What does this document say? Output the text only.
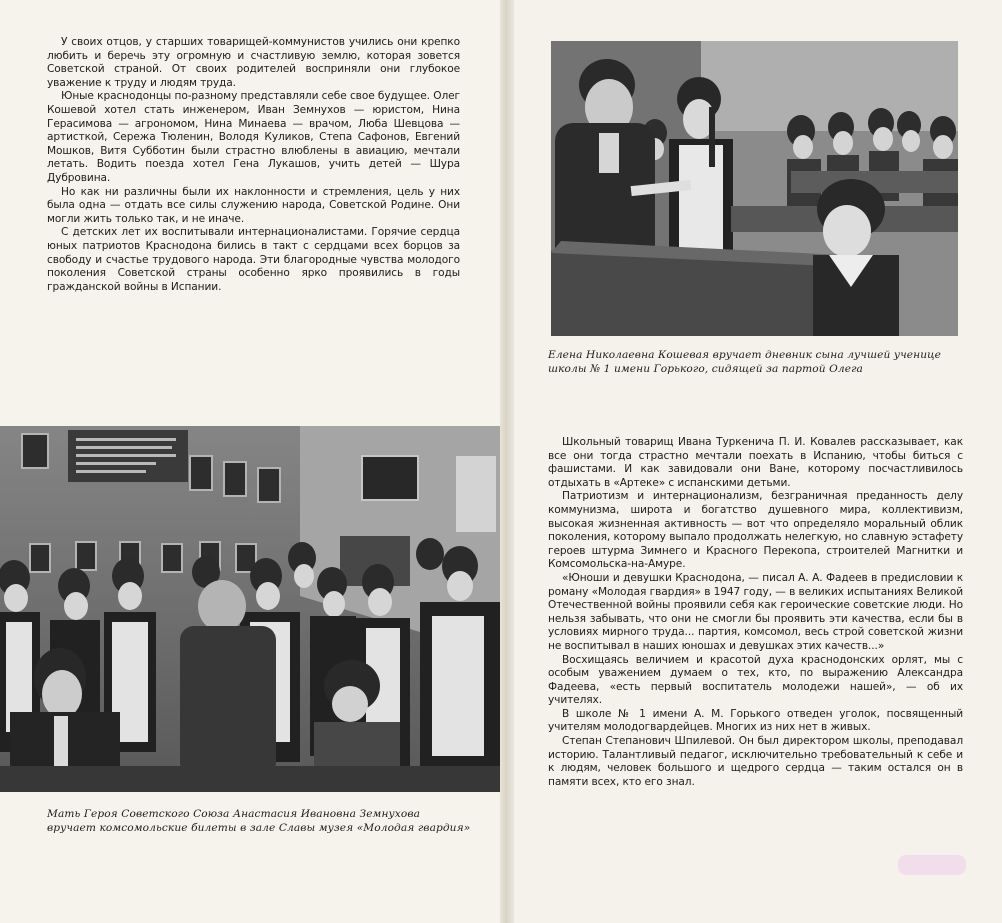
У своих отцов, у старших товарищей-коммунистов учились они крепко любить и беречь эту огромную и счастливую землю, которая зовется Советской страной. От своих родителей восприняли они глубокое уважение к труду и людям труда.

Юные краснодонцы по-разному представляли себе свое будущее. Олег Кошевой хотел стать инженером, Иван Земнухов — юристом, Нина Герасимова — агрономом, Нина Минаева — врачом, Люба Шевцова — артисткой, Сережа Тюленин, Володя Куликов, Степа Сафонов, Евгений Мошков, Витя Субботин были страстно влюблены в авиацию, мечтали летать. Водить поезда хотел Гена Лукашов, учить детей — Шура Дубровина.

Но как ни различны были их наклонности и стремления, цель у них была одна — отдать все силы служению народа, Советской Родине. Они могли жить только так, и не иначе.

С детских лет их воспитывали интернационалистами. Горячие сердца юных патриотов Краснодона бились в такт с сердцами всех борцов за свободу и счастье трудового народа. Эти благородные чувства молодого поколения Советской страны особенно ярко проявились в годы гражданской войны в Испании.

Мать Героя Советского Союза Анастасия Ивановна Земнухова вручает комсомольские билеты в зале Славы музея «Молодая гвардия»
Елена Николаевна Кошевая вручает дневник сына лучшей ученице школы № 1 имени Горького, сидящей за партой Олега

Школьный товарищ Ивана Туркенича П. И. Ковалев рассказывает, как все они тогда страстно мечтали поехать в Испанию, чтобы биться с фашистами. И как завидовали они Ване, которому посчастливилось отдыхать в «Артеке» с испанскими детьми.

Патриотизм и интернационализм, безграничная преданность делу коммунизма, широта и богатство душевного мира, коллективизм, высокая жизненная активность — вот что определяло моральный облик поколения, которому выпало продолжать нелегкую, но славную эстафету героев штурма Зимнего и Красного Перекопа, строителей Магнитки и Комсомольска-на-Амуре.

«Юноши и девушки Краснодона, — писал А. А. Фадеев в предисловии к роману «Молодая гвардия» в 1947 году, — в великих испытаниях Великой Отечественной войны проявили себя как героические советские люди. Но нельзя забывать, что они не смогли бы проявить эти качества, если бы в условиях мирного труда... партия, комсомол, весь строй советской жизни не воспитывал в наших юношах и девушках этих качеств...»

Восхищаясь величием и красотой духа краснодонских орлят, мы с особым уважением думаем о тех, кто, по выражению Александра Фадеева, «есть первый воспитатель молодежи нашей», — об их учителях.

В школе № 1 имени А. М. Горького отведен уголок, посвященный учителям молодогвардейцев. Многих из них нет в живых.

Степан Степанович Шпилевой. Он был директором школы, преподавал историю. Талантливый педагог, исключительно требовательный к себе и к людям, человек большого и щедрого сердца — таким остался он в памяти всех, кто его знал.
